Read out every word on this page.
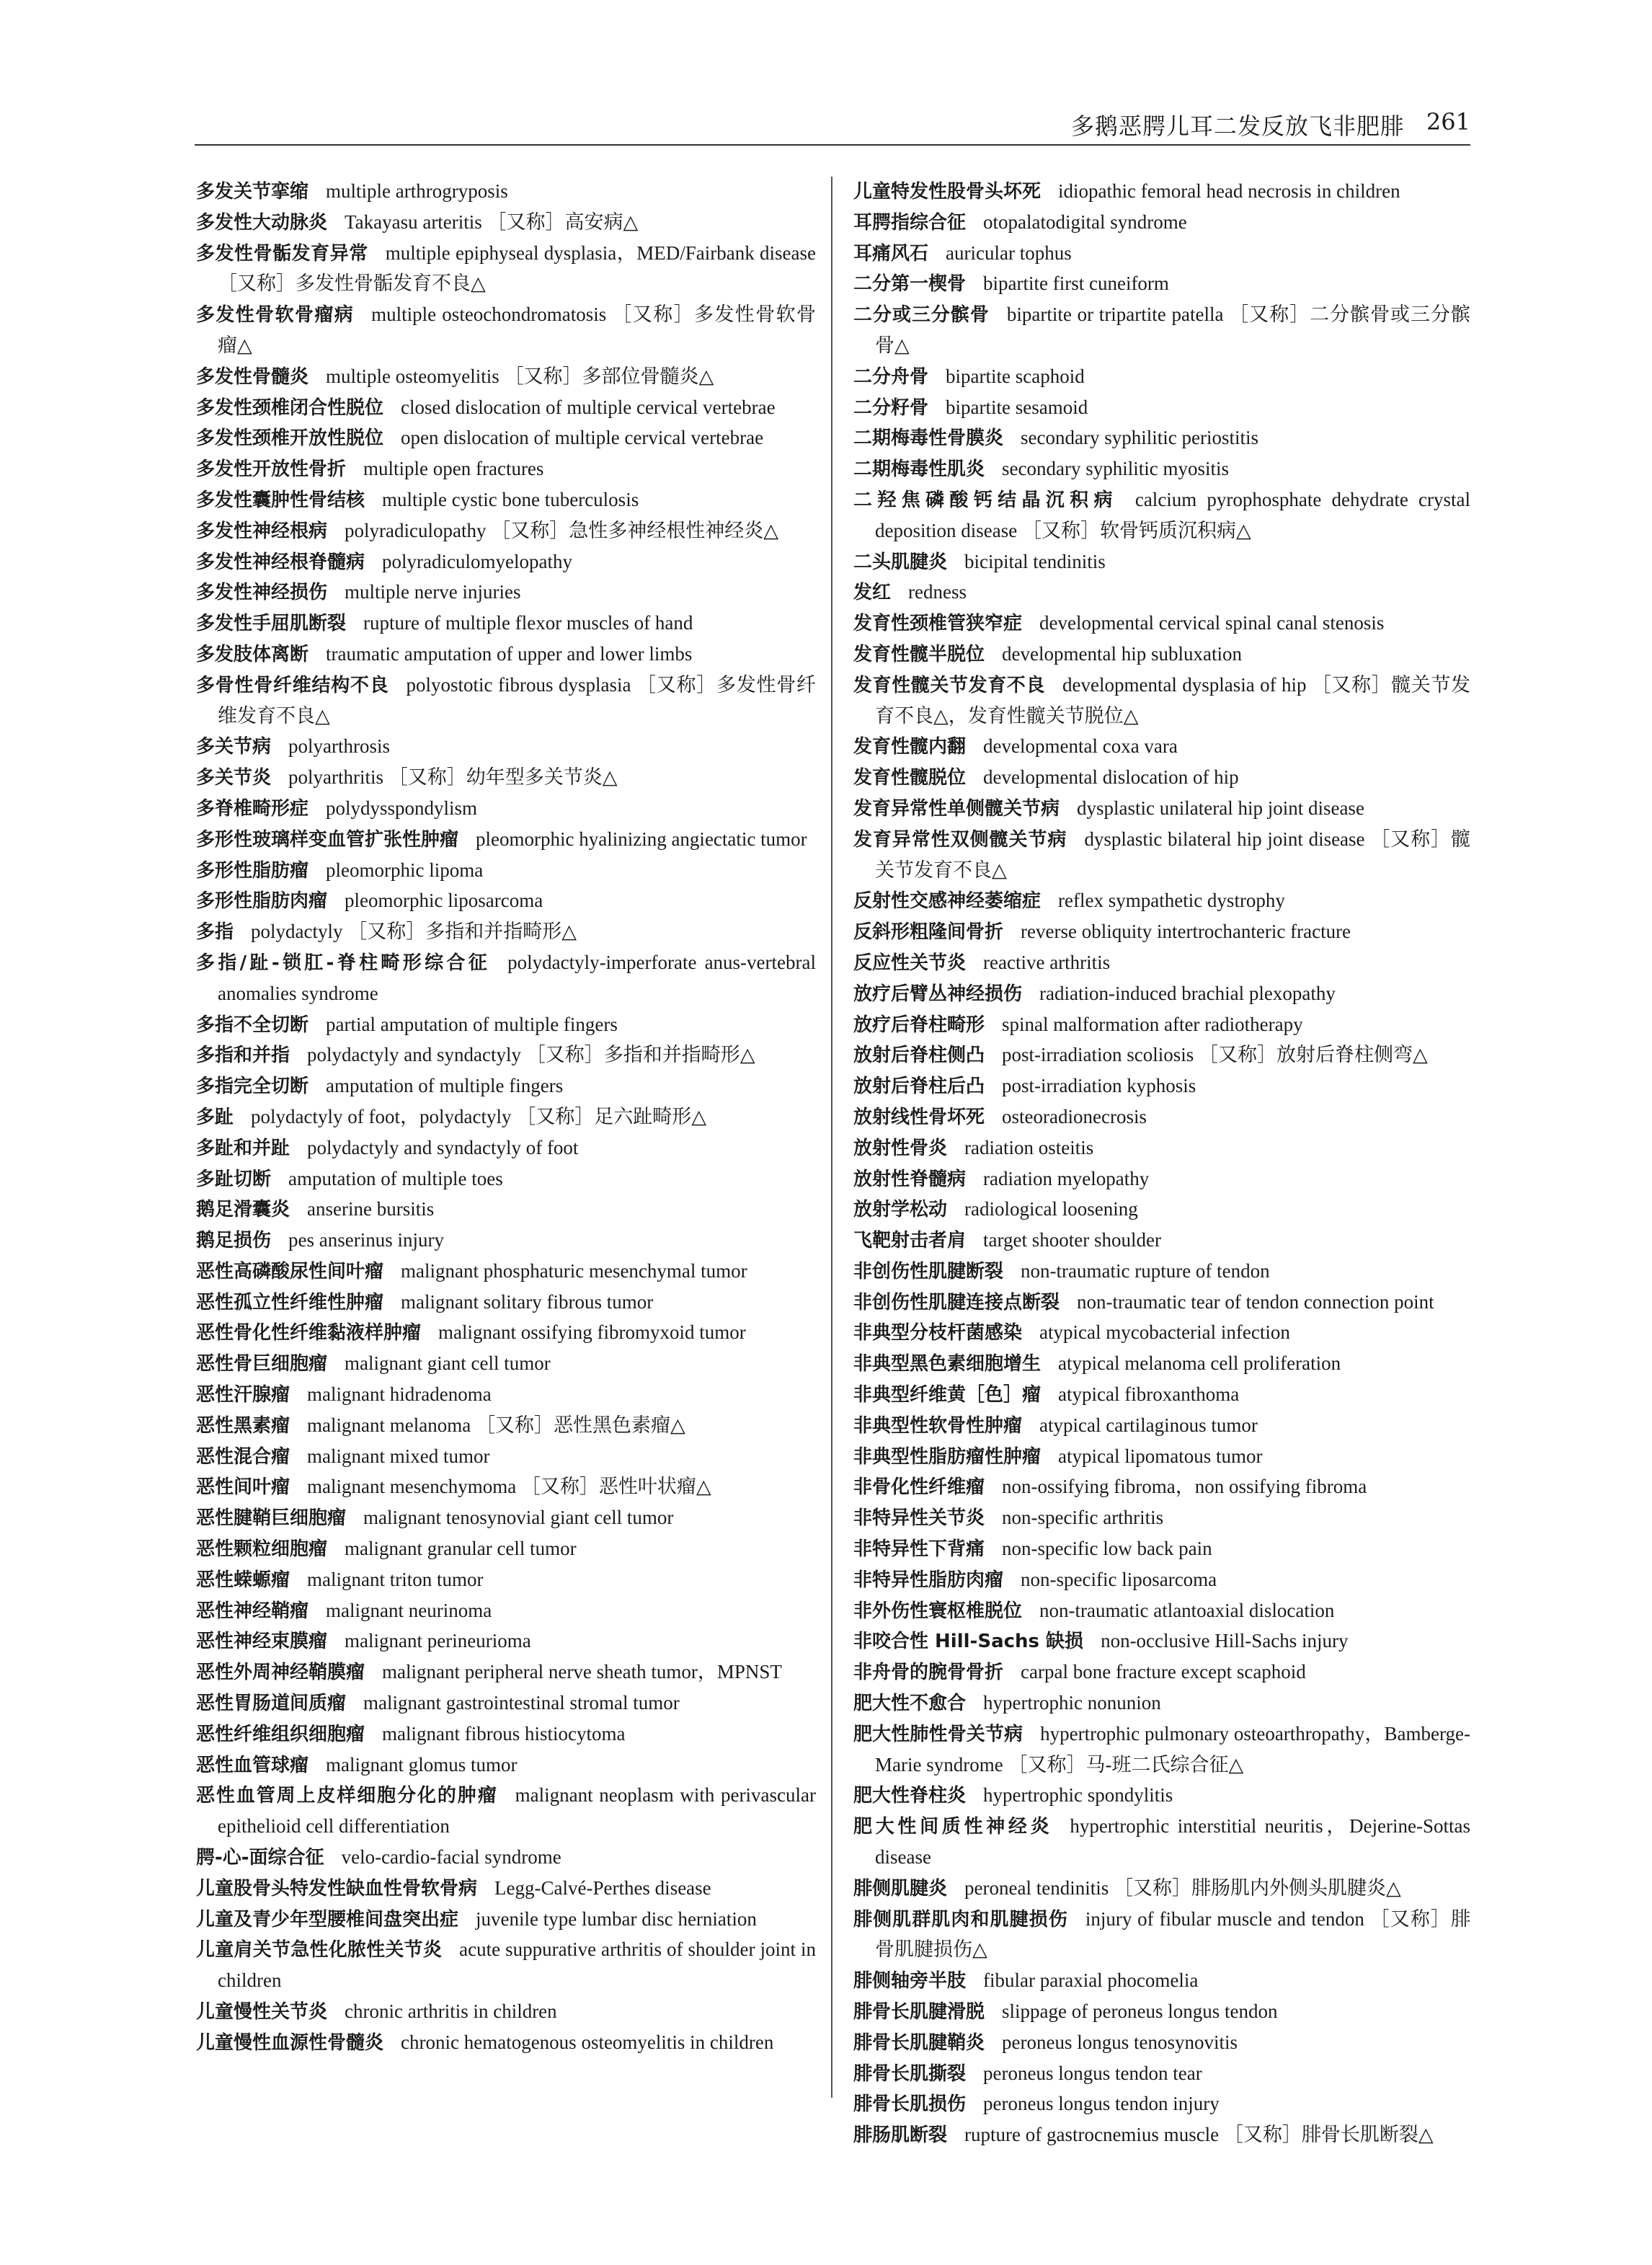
多鹅恶腭儿耳二发反放飞非肥腓 261
多发关节挛缩 multiple arthrogryposis
多发性大动脉炎 Takayasu arteritis ［又称］高安病△
多发性骨骺发育异常 multiple epiphyseal dysplasia，MED/Fairbank disease ［又称］多发性骨骺发育不良△
多发性骨软骨瘤病 multiple osteochondromatosis ［又称］多发性骨软骨瘤△
多发性骨髓炎 multiple osteomyelitis ［又称］多部位骨髓炎△
多发性颈椎闭合性脱位 closed dislocation of multiple cervical vertebrae
多发性颈椎开放性脱位 open dislocation of multiple cervical vertebrae
多发性开放性骨折 multiple open fractures
多发性囊肿性骨结核 multiple cystic bone tuberculosis
多发性神经根病 polyradiculopathy ［又称］急性多神经根性神经炎△
多发性神经根脊髓病 polyradiculomyelopathy
多发性神经损伤 multiple nerve injuries
多发性手屈肌断裂 rupture of multiple flexor muscles of hand
多发肢体离断 traumatic amputation of upper and lower limbs
多骨性骨纤维结构不良 polyostotic fibrous dysplasia ［又称］多发性骨纤维发育不良△
多关节病 polyarthrosis
多关节炎 polyarthritis ［又称］幼年型多关节炎△
多脊椎畸形症 polydysspondylism
多形性玻璃样变血管扩张性肿瘤 pleomorphic hyalinizing angiectatic tumor
多形性脂肪瘤 pleomorphic lipoma
多形性脂肪肉瘤 pleomorphic liposarcoma
多指 polydactyly ［又称］多指和并指畸形△
多指/趾-锁肛-脊柱畸形综合征 polydactyly-imperforate anus-vertebral anomalies syndrome
多指不全切断 partial amputation of multiple fingers
多指和并指 polydactyly and syndactyly ［又称］多指和并指畸形△
多指完全切断 amputation of multiple fingers
多趾 polydactyly of foot，polydactyly ［又称］足六趾畸形△
多趾和并趾 polydactyly and syndactyly of foot
多趾切断 amputation of multiple toes
鹅足滑囊炎 anserine bursitis
鹅足损伤 pes anserinus injury
恶性高磷酸尿性间叶瘤 malignant phosphaturic mesenchymal tumor
恶性孤立性纤维性肿瘤 malignant solitary fibrous tumor
恶性骨化性纤维黏液样肿瘤 malignant ossifying fibromyxoid tumor
恶性骨巨细胞瘤 malignant giant cell tumor
恶性汗腺瘤 malignant hidradenoma
恶性黑素瘤 malignant melanoma ［又称］恶性黑色素瘤△
恶性混合瘤 malignant mixed tumor
恶性间叶瘤 malignant mesenchymoma ［又称］恶性叶状瘤△
恶性腱鞘巨细胞瘤 malignant tenosynovial giant cell tumor
恶性颗粒细胞瘤 malignant granular cell tumor
恶性蝾螈瘤 malignant triton tumor
恶性神经鞘瘤 malignant neurinoma
恶性神经束膜瘤 malignant perineurioma
恶性外周神经鞘膜瘤 malignant peripheral nerve sheath tumor，MPNST
恶性胃肠道间质瘤 malignant gastrointestinal stromal tumor
恶性纤维组织细胞瘤 malignant fibrous histiocytoma
恶性血管球瘤 malignant glomus tumor
恶性血管周上皮样细胞分化的肿瘤 malignant neoplasm with perivascular epithelioid cell differentiation
腭-心-面综合征 velo-cardio-facial syndrome
儿童股骨头特发性缺血性骨软骨病 Legg-Calvé-Perthes disease
儿童及青少年型腰椎间盘突出症 juvenile type lumbar disc herniation
儿童肩关节急性化脓性关节炎 acute suppurative arthritis of shoulder joint in children
儿童慢性关节炎 chronic arthritis in children
儿童慢性血源性骨髓炎 chronic hematogenous osteomyelitis in children
儿童特发性股骨头坏死 idiopathic femoral head necrosis in children
耳腭指综合征 otopalatodigital syndrome
耳痛风石 auricular tophus
二分第一楔骨 bipartite first cuneiform
二分或三分髌骨 bipartite or tripartite patella ［又称］二分髌骨或三分髌骨△
二分舟骨 bipartite scaphoid
二分籽骨 bipartite sesamoid
二期梅毒性骨膜炎 secondary syphilitic periostitis
二期梅毒性肌炎 secondary syphilitic myositis
二羟焦磷酸钙结晶沉积病 calcium pyrophosphate dehydrate crystal deposition disease ［又称］软骨钙质沉积病△
二头肌腱炎 bicipital tendinitis
发红 redness
发育性颈椎管狭窄症 developmental cervical spinal canal stenosis
发育性髋半脱位 developmental hip subluxation
发育性髋关节发育不良 developmental dysplasia of hip ［又称］髋关节发育不良△，发育性髋关节脱位△
发育性髋内翻 developmental coxa vara
发育性髋脱位 developmental dislocation of hip
发育异常性单侧髋关节病 dysplastic unilateral hip joint disease
发育异常性双侧髋关节病 dysplastic bilateral hip joint disease ［又称］髋关节发育不良△
反射性交感神经萎缩症 reflex sympathetic dystrophy
反斜形粗隆间骨折 reverse obliquity intertrochanteric fracture
反应性关节炎 reactive arthritis
放疗后臂丛神经损伤 radiation-induced brachial plexopathy
放疗后脊柱畸形 spinal malformation after radiotherapy
放射后脊柱侧凸 post-irradiation scoliosis ［又称］放射后脊柱侧弯△
放射后脊柱后凸 post-irradiation kyphosis
放射线性骨坏死 osteoradionecrosis
放射性骨炎 radiation osteitis
放射性脊髓病 radiation myelopathy
放射学松动 radiological loosening
飞靶射击者肩 target shooter shoulder
非创伤性肌腱断裂 non-traumatic rupture of tendon
非创伤性肌腱连接点断裂 non-traumatic tear of tendon connection point
非典型分枝杆菌感染 atypical mycobacterial infection
非典型黑色素细胞增生 atypical melanoma cell proliferation
非典型纤维黄［色］瘤 atypical fibroxanthoma
非典型性软骨性肿瘤 atypical cartilaginous tumor
非典型性脂肪瘤性肿瘤 atypical lipomatous tumor
非骨化性纤维瘤 non-ossifying fibroma，non ossifying fibroma
非特异性关节炎 non-specific arthritis
非特异性下背痛 non-specific low back pain
非特异性脂肪肉瘤 non-specific liposarcoma
非外伤性寰枢椎脱位 non-traumatic atlantoaxial dislocation
非咬合性 Hill-Sachs 缺损 non-occlusive Hill-Sachs injury
非舟骨的腕骨骨折 carpal bone fracture except scaphoid
肥大性不愈合 hypertrophic nonunion
肥大性肺性骨关节病 hypertrophic pulmonary osteoarthropathy，Bamberge-Marie syndrome ［又称］马-班二氏综合征△
肥大性脊柱炎 hypertrophic spondylitis
肥大性间质性神经炎 hypertrophic interstitial neuritis，Dejerine-Sottas disease
腓侧肌腱炎 peroneal tendinitis ［又称］腓肠肌内外侧头肌腱炎△
腓侧肌群肌肉和肌腱损伤 injury of fibular muscle and tendon ［又称］腓骨肌腱损伤△
腓侧轴旁半肢 fibular paraxial phocomelia
腓骨长肌腱滑脱 slippage of peroneus longus tendon
腓骨长肌腱鞘炎 peroneus longus tenosynovitis
腓骨长肌撕裂 peroneus longus tendon tear
腓骨长肌损伤 peroneus longus tendon injury
腓肠肌断裂 rupture of gastrocnemius muscle ［又称］腓骨长肌断裂△
